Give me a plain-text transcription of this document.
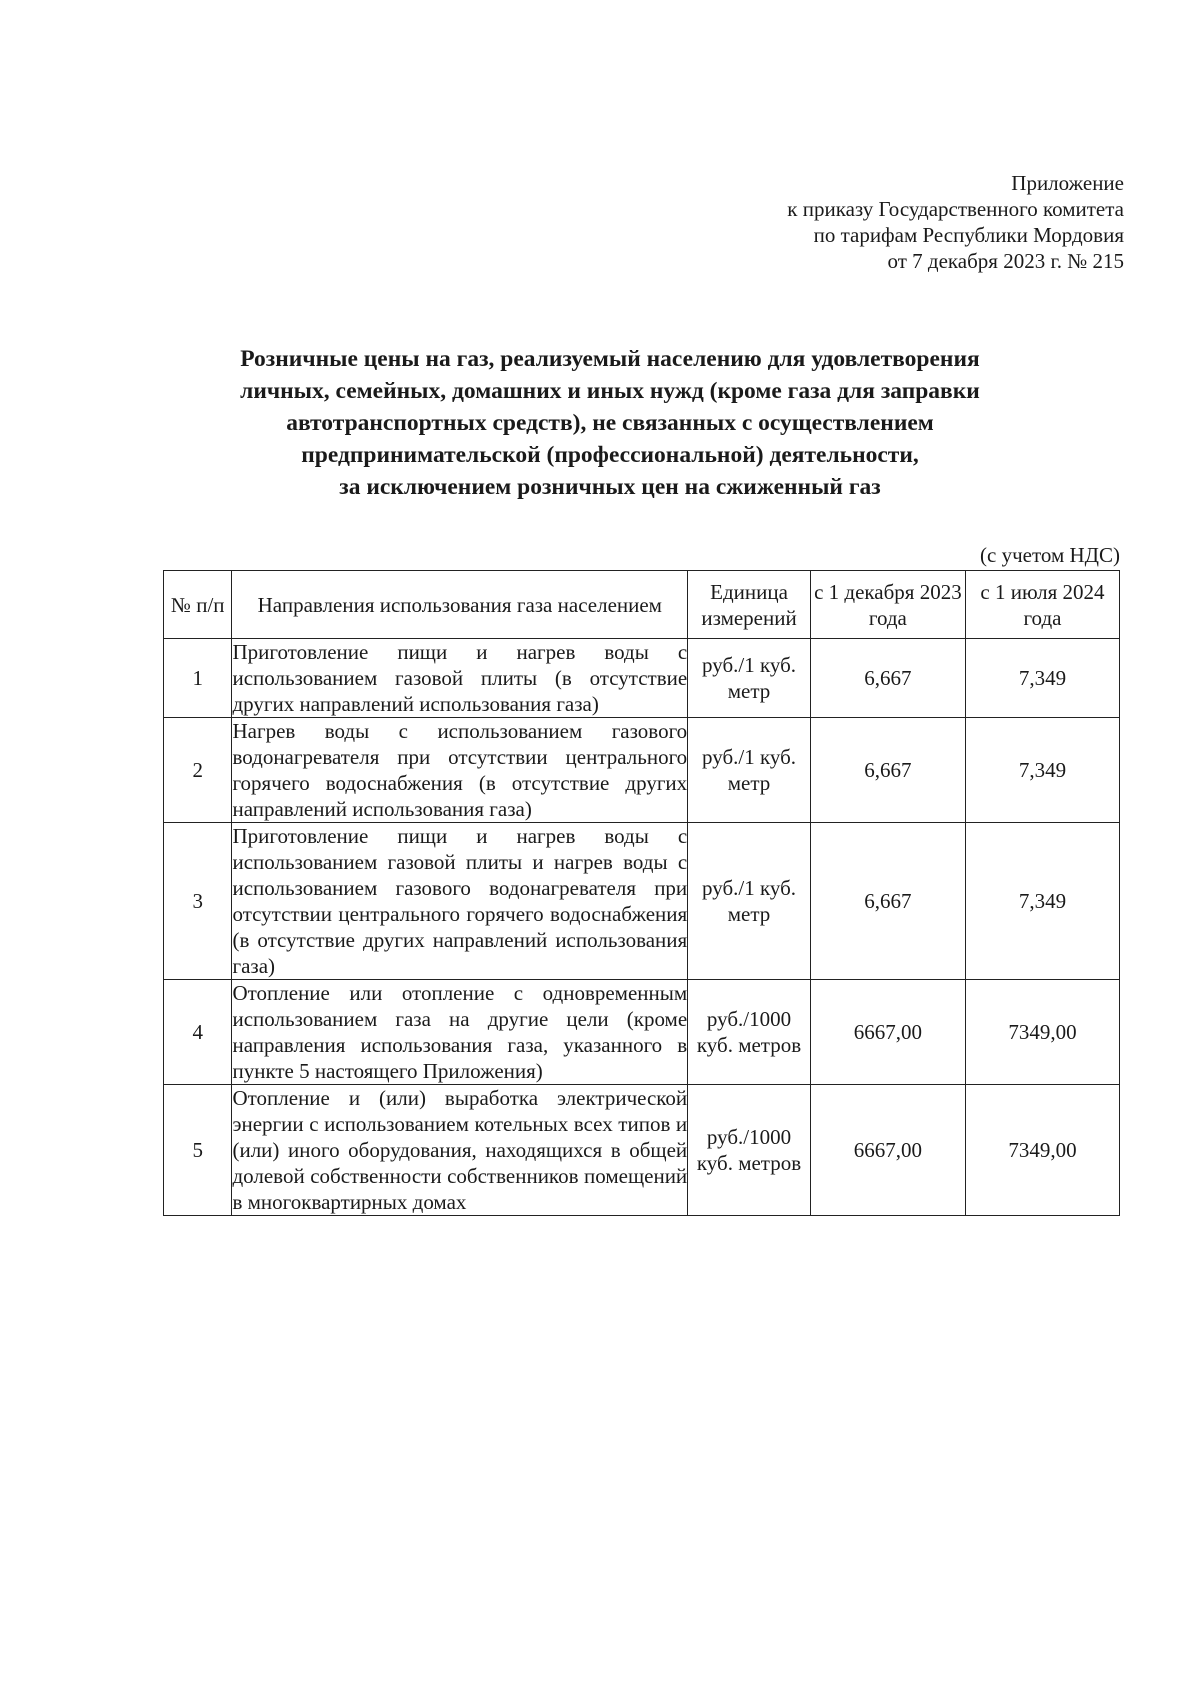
Приложение
к приказу Государственного комитета
по тарифам Республики Мордовия
от 7 декабря 2023 г. № 215
Розничные цены на газ, реализуемый населению для удовлетворения
личных, семейных, домашних и иных нужд (кроме газа для заправки
автотранспортных средств), не связанных с осуществлением
предпринимательской (профессиональной) деятельности,
за исключением розничных цен на сжиженный газ
(с учетом НДС)
№ п/п	Направления использования газа населением	Единица измерений	с 1 декабря 2023 года	с 1 июля 2024 года
1	Приготовление пищи и нагрев воды с использованием газовой плиты (в отсутствие других направлений использования газа)	руб./1 куб. метр	6,667	7,349
2	Нагрев воды с использованием газового водонагревателя при отсутствии центрального горячего водоснабжения (в отсутствие других направлений использования газа)	руб./1 куб. метр	6,667	7,349
3	Приготовление пищи и нагрев воды с использованием газовой плиты и нагрев воды с использованием газового водонагревателя при отсутствии центрального горячего водоснабжения (в отсутствие других направлений использования газа)	руб./1 куб. метр	6,667	7,349
4	Отопление или отопление с одновременным использованием газа на другие цели (кроме направления использования газа, указанного в пункте 5 настоящего Приложения)	руб./1000 куб. метров	6667,00	7349,00
5	Отопление и (или) выработка электрической энергии с использованием котельных всех типов и (или) иного оборудования, находящихся в общей долевой собственности собственников помещений в многоквартирных домах	руб./1000 куб. метров	6667,00	7349,00
